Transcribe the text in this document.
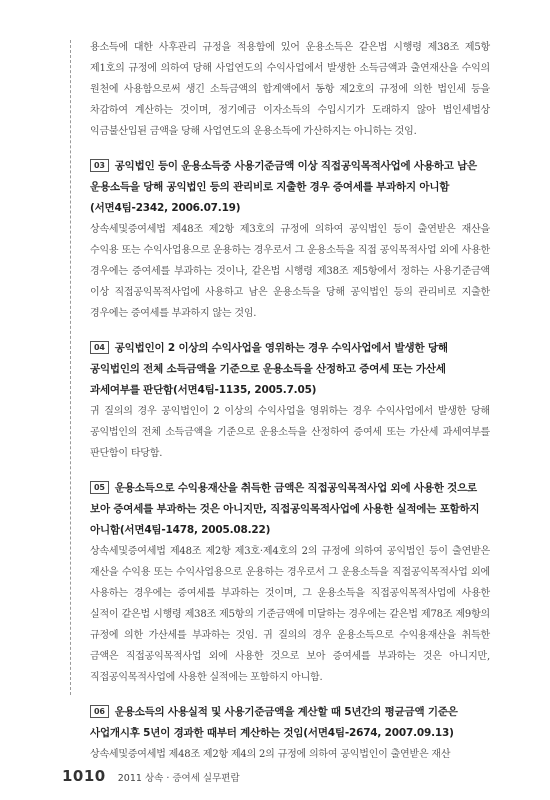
용소득에 대한 사후관리 규정을 적용함에 있어 운용소득은 같은법 시행령 제38조 제5항 제1호의 규정에 의하여 당해 사업연도의 수익사업에서 발생한 소득금액과 출연재산을 수익의 원천에 사용함으로써 생긴 소득금액의 합계액에서 동항 제2호의 규정에 의한 법인세 등을 차감하여 계산하는 것이며, 정기예금 이자소득의 수입시기가 도래하지 않아 법인세법상 익금불산입된 금액을 당해 사업연도의 운용소득에 가산하지는 아니하는 것임.

03 공익법인 등이 운용소득중 사용기준금액 이상 직접공익목적사업에 사용하고 남은 운용소득을 당해 공익법인 등의 관리비로 지출한 경우 증여세를 부과하지 아니함(서면4팀-2342, 2006.07.19)

상속세및증여세법 제48조 제2항 제3호의 규정에 의하여 공익법인 등이 출연받은 재산을 수익용 또는 수익사업용으로 운용하는 경우로서 그 운용소득을 직접 공익목적사업 외에 사용한 경우에는 증여세를 부과하는 것이나, 같은법 시행령 제38조 제5항에서 정하는 사용기준금액 이상 직접공익목적사업에 사용하고 남은 운용소득을 당해 공익법인 등의 관리비로 지출한 경우에는 증여세를 부과하지 않는 것임.

04 공익법인이 2 이상의 수익사업을 영위하는 경우 수익사업에서 발생한 당해 공익법인의 전체 소득금액을 기준으로 운용소득을 산정하고 증여세 또는 가산세 과세여부를 판단함(서면4팀-1135, 2005.7.05)

귀 질의의 경우 공익법인이 2 이상의 수익사업을 영위하는 경우 수익사업에서 발생한 당해 공익법인의 전체 소득금액을 기준으로 운용소득을 산정하여 증여세 또는 가산세 과세여부를 판단함이 타당함.

05 운용소득으로 수익용재산을 취득한 금액은 직접공익목적사업 외에 사용한 것으로 보아 증여세를 부과하는 것은 아니지만, 직접공익목적사업에 사용한 실적에는 포함하지 아니함(서면4팀-1478, 2005.08.22)

상속세및증여세법 제48조 제2항 제3호·제4호의 2의 규정에 의하여 공익법인 등이 출연받은 재산을 수익용 또는 수익사업용으로 운용하는 경우로서 그 운용소득을 직접공익목적사업 외에 사용하는 경우에는 증여세를 부과하는 것이며, 그 운용소득을 직접공익목적사업에 사용한 실적이 같은법 시행령 제38조 제5항의 기준금액에 미달하는 경우에는 같은법 제78조 제9항의 규정에 의한 가산세를 부과하는 것임. 귀 질의의 경우 운용소득으로 수익용재산을 취득한 금액은 직접공익목적사업 외에 사용한 것으로 보아 증여세를 부과하는 것은 아니지만, 직접공익목적사업에 사용한 실적에는 포함하지 아니함.

06 운용소득의 사용실적 및 사용기준금액을 계산할 때 5년간의 평균금액 기준은 사업개시후 5년이 경과한 때부터 계산하는 것임(서면4팀-2674, 2007.09.13)

상속세및증여세법 제48조 제2항 제4의 2의 규정에 의하여 공익법인이 출연받은 재산

1010 2011 상속 · 증여세 실무편람
